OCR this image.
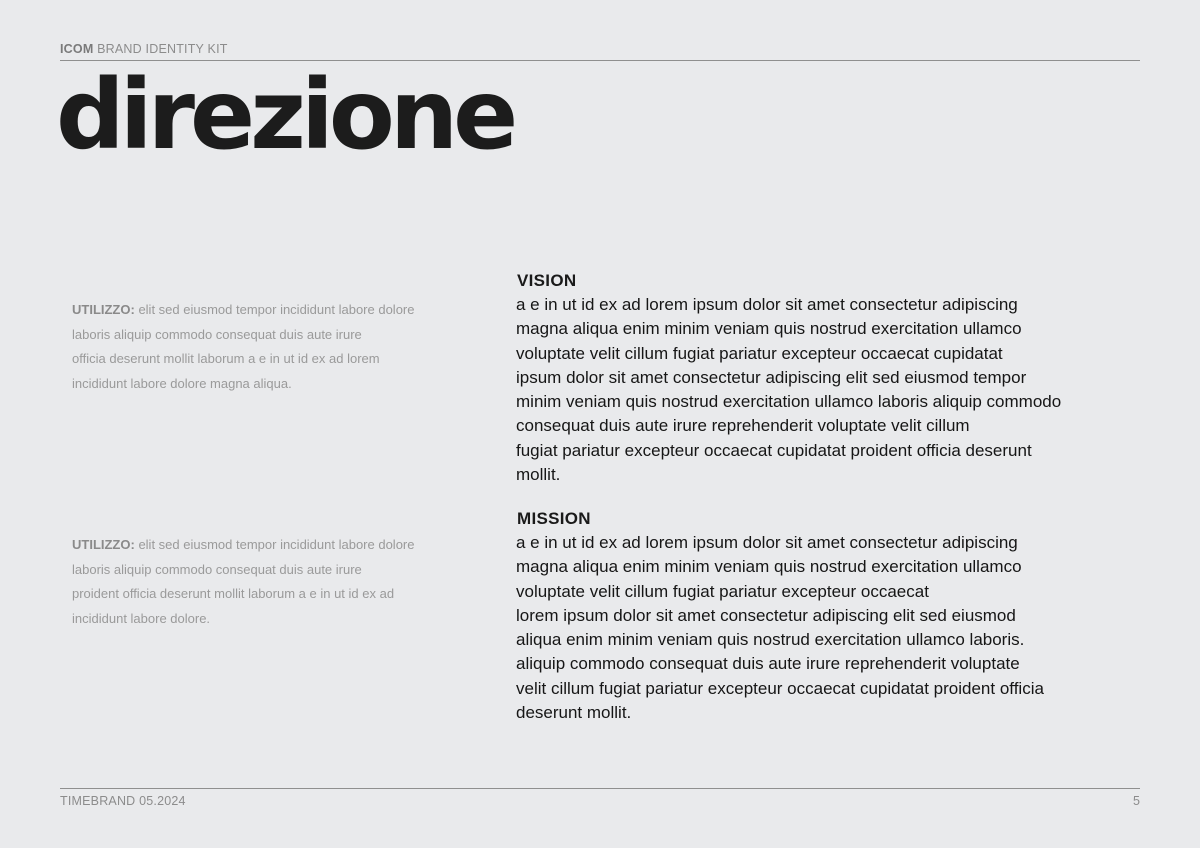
ICOM BRAND IDENTITY KIT
direzione
UTILIZZO: elit sed eiusmod tempor incididunt labore dolore
laboris aliquip commodo consequat duis aute irure
officia deserunt mollit laborum a e in ut id ex ad lorem
incididunt labore dolore magna aliqua.
UTILIZZO: elit sed eiusmod tempor incididunt labore dolore
laboris aliquip commodo consequat duis aute irure
proident officia deserunt mollit laborum a e in ut id ex ad
incididunt labore dolore.
VISION

a e in ut id ex ad lorem ipsum dolor sit amet consectetur adipiscing
magna aliqua enim minim veniam quis nostrud exercitation ullamco
voluptate velit cillum fugiat pariatur excepteur occaecat cupidatat
ipsum dolor sit amet consectetur adipiscing elit sed eiusmod tempor
minim veniam quis nostrud exercitation ullamco laboris aliquip commodo
consequat duis aute irure reprehenderit voluptate velit cillum
fugiat pariatur excepteur occaecat cupidatat proident officia deserunt
mollit.

MISSION

a e in ut id ex ad lorem ipsum dolor sit amet consectetur adipiscing
magna aliqua enim minim veniam quis nostrud exercitation ullamco
voluptate velit cillum fugiat pariatur excepteur occaecat
lorem ipsum dolor sit amet consectetur adipiscing elit sed eiusmod
aliqua enim minim veniam quis nostrud exercitation ullamco laboris.
aliquip commodo consequat duis aute irure reprehenderit voluptate
velit cillum fugiat pariatur excepteur occaecat cupidatat proident officia
deserunt mollit.

TIMEBRAND 05.2024	5
